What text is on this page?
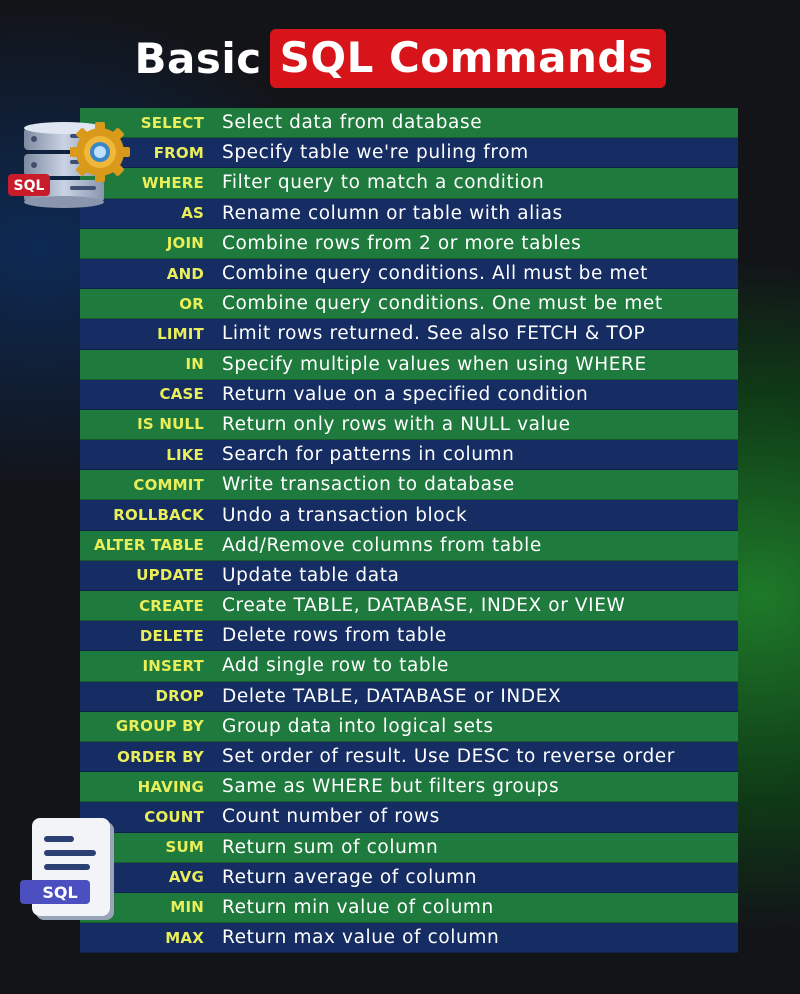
Basic SQL Commands
SELECT Select data from database
FROM Specify table we're puling from
WHERE Filter query to match a condition
AS Rename column or table with alias
JOIN Combine rows from 2 or more tables
AND Combine query conditions. All must be met
OR Combine query conditions. One must be met
LIMIT Limit rows returned. See also FETCH & TOP
IN Specify multiple values when using WHERE
CASE Return value on a specified condition
IS NULL Return only rows with a NULL value
LIKE Search for patterns in column
COMMIT Write transaction to database
ROLLBACK Undo a transaction block
ALTER TABLE Add/Remove columns from table
UPDATE Update table data
CREATE Create TABLE, DATABASE, INDEX or VIEW
DELETE Delete rows from table
INSERT Add single row to table
DROP Delete TABLE, DATABASE or INDEX
GROUP BY Group data into logical sets
ORDER BY Set order of result. Use DESC to reverse order
HAVING Same as WHERE but filters groups
COUNT Count number of rows
SUM Return sum of column
AVG Return average of column
MIN Return min value of column
MAX Return max value of column
SQL
SQL
